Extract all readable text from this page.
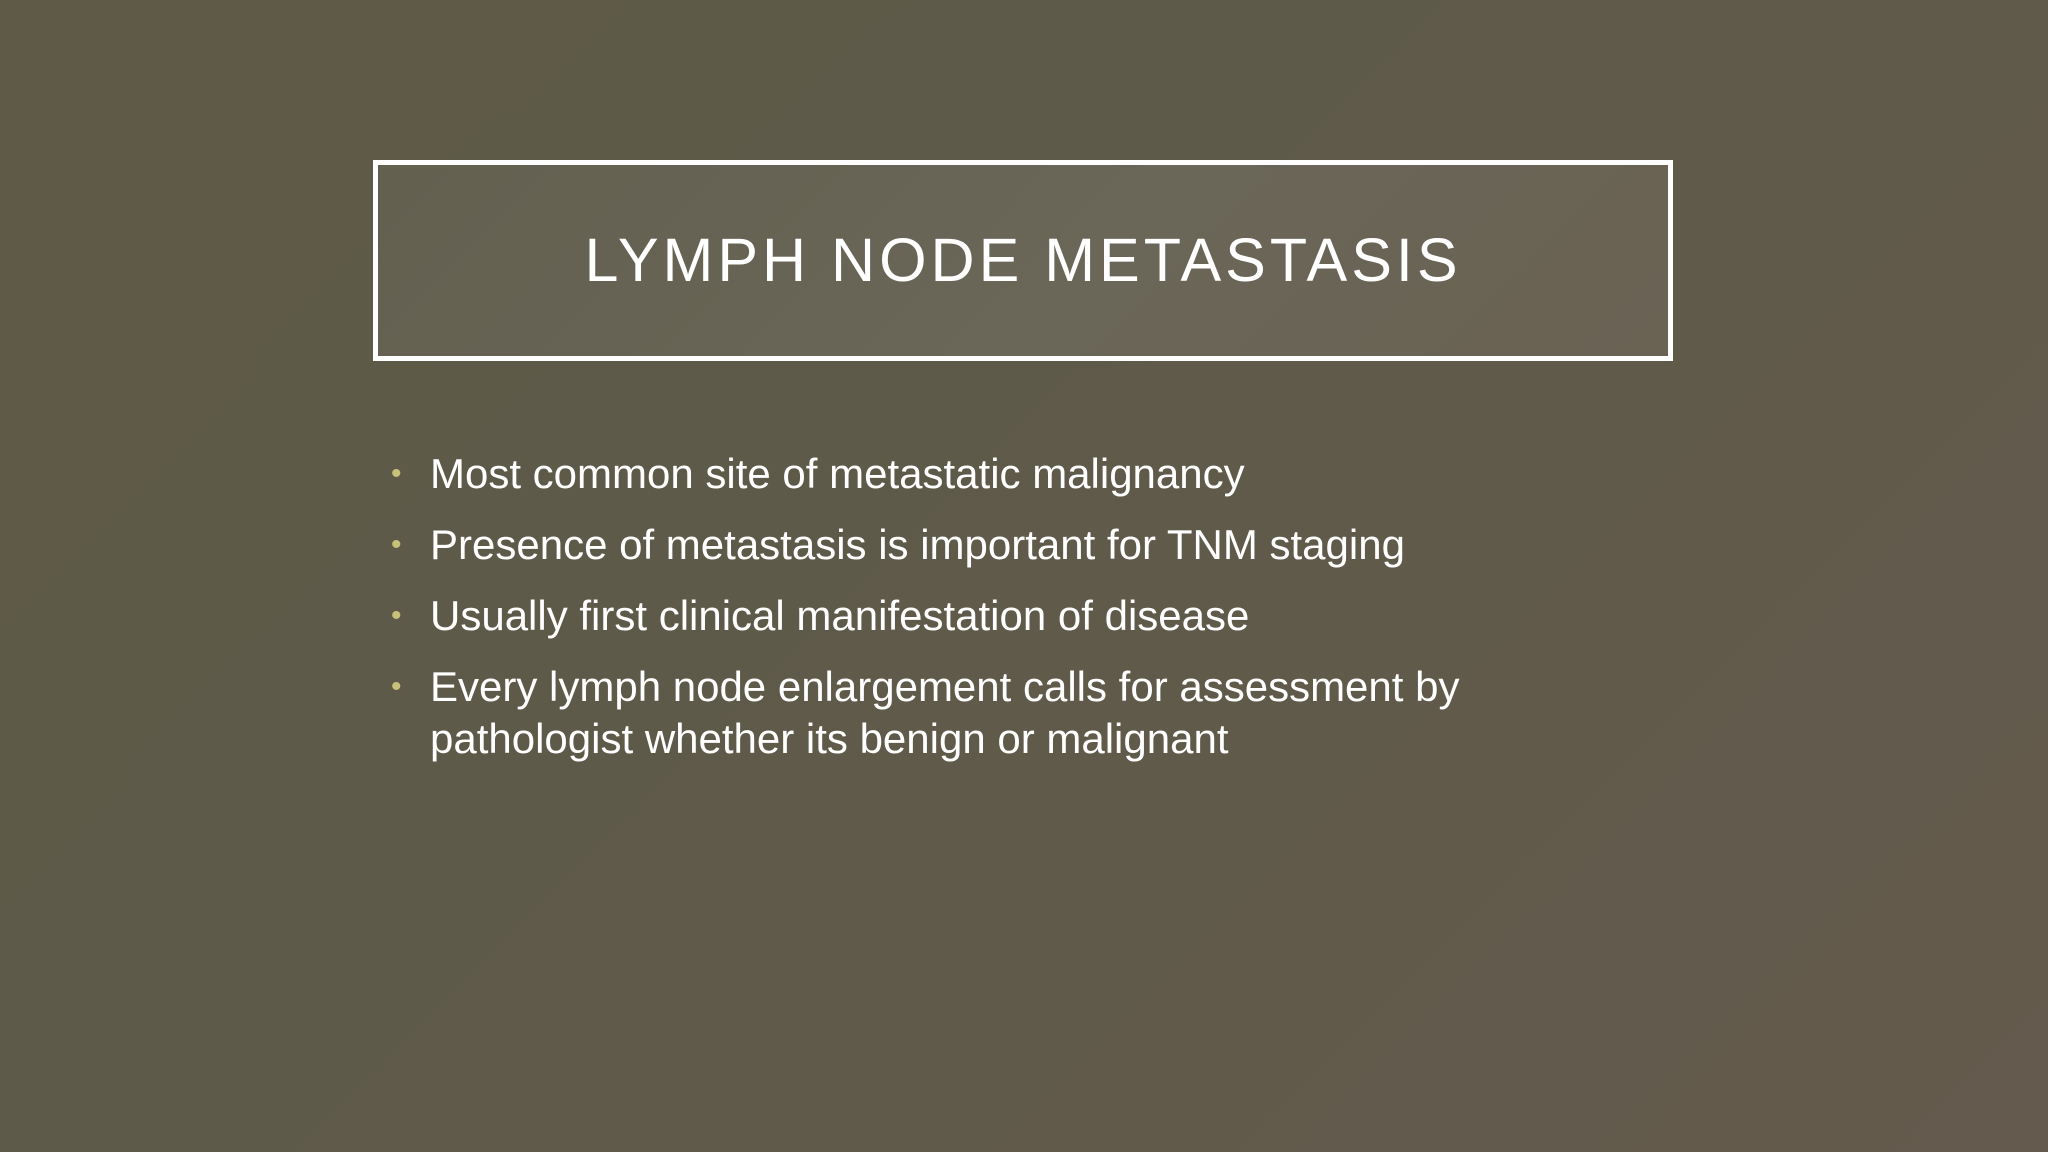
LYMPH NODE METASTASIS
• Most common site of metastatic malignancy
• Presence of metastasis is important for TNM staging
• Usually first clinical manifestation of disease
• Every lymph node enlargement calls for assessment by pathologist whether its benign or malignant
